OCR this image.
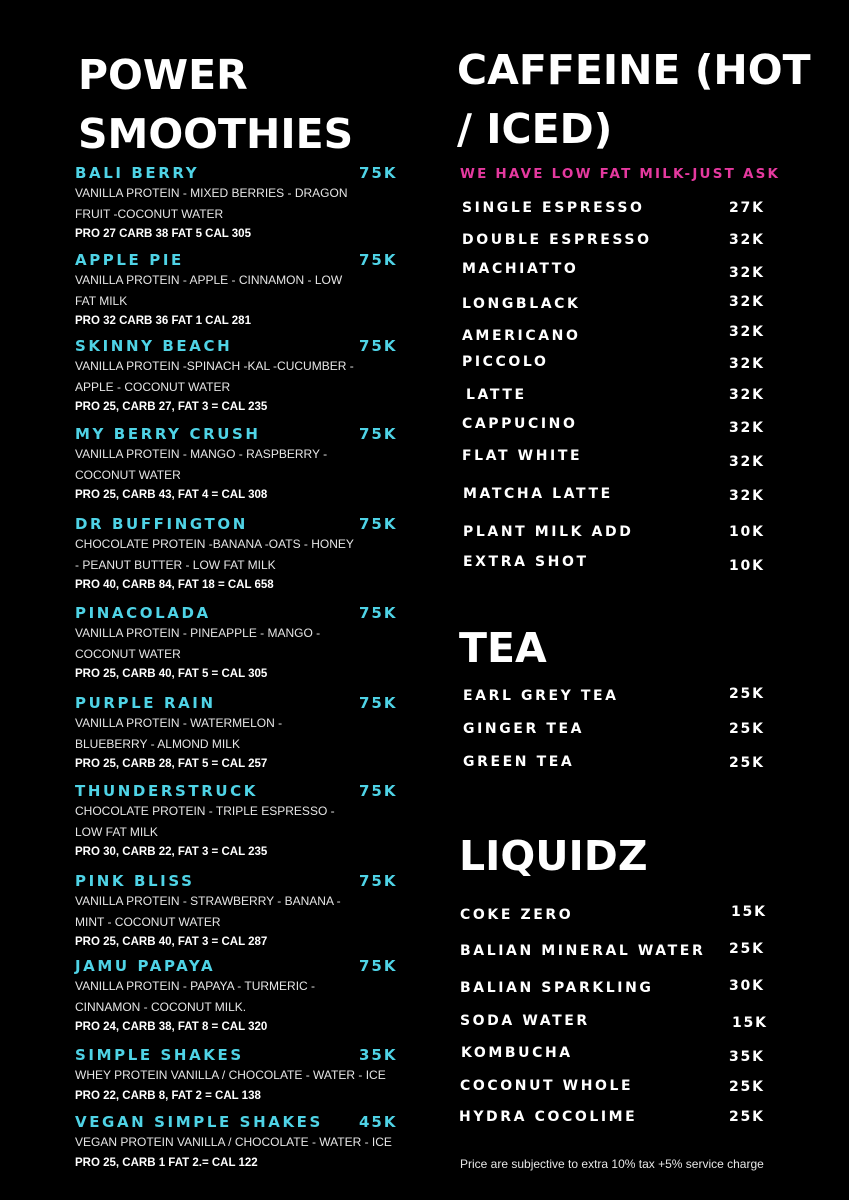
POWER SMOOTHIES
BALI BERRY	75K
VANILLA PROTEIN - MIXED BERRIES - DRAGON FRUIT -COCONUT WATER
PRO 27 CARB 38 FAT 5 CAL 305
APPLE PIE	75K
VANILLA PROTEIN - APPLE - CINNAMON - LOW FAT MILK
PRO 32 CARB 36 FAT 1 CAL 281
SKINNY BEACH	75K
VANILLA PROTEIN -SPINACH -KAL -CUCUMBER - APPLE - COCONUT WATER
PRO 25, CARB 27, FAT 3 = CAL 235
MY BERRY CRUSH	75K
VANILLA PROTEIN - MANGO - RASPBERRY - COCONUT WATER
PRO 25, CARB 43, FAT 4 = CAL 308
DR BUFFINGTON	75K
CHOCOLATE PROTEIN -BANANA -OATS - HONEY - PEANUT BUTTER - LOW FAT MILK
PRO 40, CARB 84, FAT 18 = CAL 658
PINACOLADA	75K
VANILLA PROTEIN - PINEAPPLE - MANGO - COCONUT WATER
PRO 25, CARB 40, FAT 5 = CAL 305
PURPLE RAIN	75K
VANILLA PROTEIN - WATERMELON - BLUEBERRY - ALMOND MILK
PRO 25, CARB 28, FAT 5 = CAL 257
THUNDERSTRUCK	75K
CHOCOLATE PROTEIN - TRIPLE ESPRESSO - LOW FAT MILK
PRO 30, CARB 22, FAT 3 = CAL 235
PINK BLISS	75K
VANILLA PROTEIN - STRAWBERRY - BANANA - MINT - COCONUT WATER
PRO 25, CARB 40, FAT 3 = CAL 287
JAMU PAPAYA	75K
VANILLA PROTEIN - PAPAYA - TURMERIC - CINNAMON - COCONUT MILK.
PRO 24, CARB 38, FAT 8 = CAL 320
SIMPLE SHAKES	35K
WHEY PROTEIN VANILLA / CHOCOLATE - WATER - ICE
PRO 22, CARB 8, FAT 2 = CAL 138
VEGAN SIMPLE SHAKES	45K
VEGAN PROTEIN VANILLA / CHOCOLATE - WATER - ICE
PRO 25, CARB 1 FAT 2.= CAL 122
CAFFEINE (HOT / ICED)
WE HAVE LOW FAT MILK-JUST ASK
SINGLE ESPRESSO	27K
DOUBLE ESPRESSO	32K
MACHIATTO	32K
LONGBLACK	32K
AMERICANO	32K
PICCOLO	32K
LATTE	32K
CAPPUCINO	32K
FLAT WHITE	32K
MATCHA LATTE	32K
PLANT MILK ADD	10K
EXTRA SHOT	10K
TEA
EARL GREY TEA	25K
GINGER TEA	25K
GREEN TEA	25K
LIQUIDZ
COKE ZERO	15K
BALIAN MINERAL WATER 25K
BALIAN SPARKLING	30K
SODA WATER	15K
KOMBUCHA	35K
COCONUT WHOLE	25K
HYDRA COCOLIME	25K
Price are subjective to extra 10% tax +5% service charge
